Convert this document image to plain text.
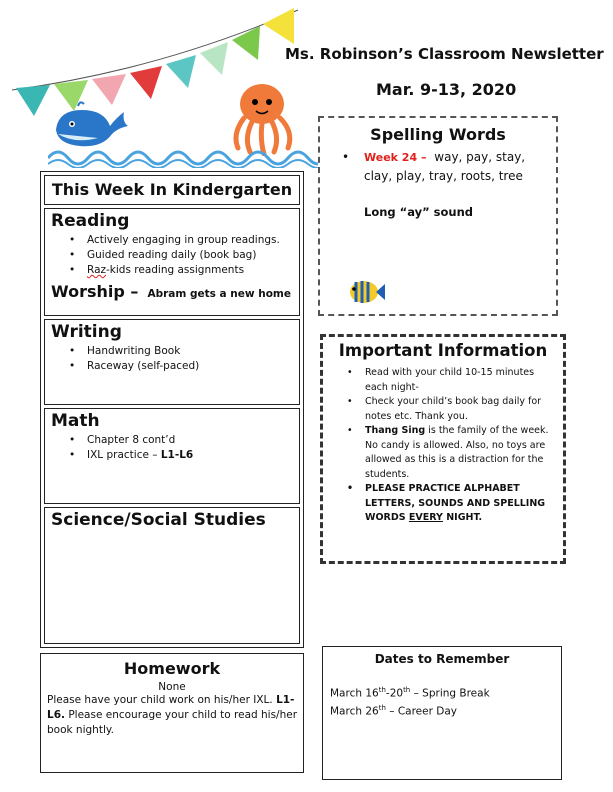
Ms. Robinson’s Classroom Newsletter
Mar. 9-13, 2020
This Week In Kindergarten
Reading
• Actively engaging in group readings.
• Guided reading daily (book bag)
• Raz-kids reading assignments
Worship – Abram gets a new home
Writing
• Handwriting Book
• Raceway (self-paced)
Math
• Chapter 8 cont’d
• IXL practice – L1-L6
Science/Social Studies
Homework
None
Please have your child work on his/her IXL. L1-L6. Please encourage your child to read his/her book nightly.
Spelling Words
•	Week 24 – way, pay, stay,
clay, play, tray, roots, tree
Long “ay” sound
Important Information
• Read with your child 10-15 minutes each night-
• Check your child’s book bag daily for notes etc. Thank you.
• Thang Sing is the family of the week. No candy is allowed. Also, no toys are allowed as this is a distraction for the students.
• PLEASE PRACTICE ALPHABET LETTERS, SOUNDS AND SPELLING WORDS EVERY NIGHT.
Dates to Remember
March 16th-20th – Spring Break
March 26th – Career Day
